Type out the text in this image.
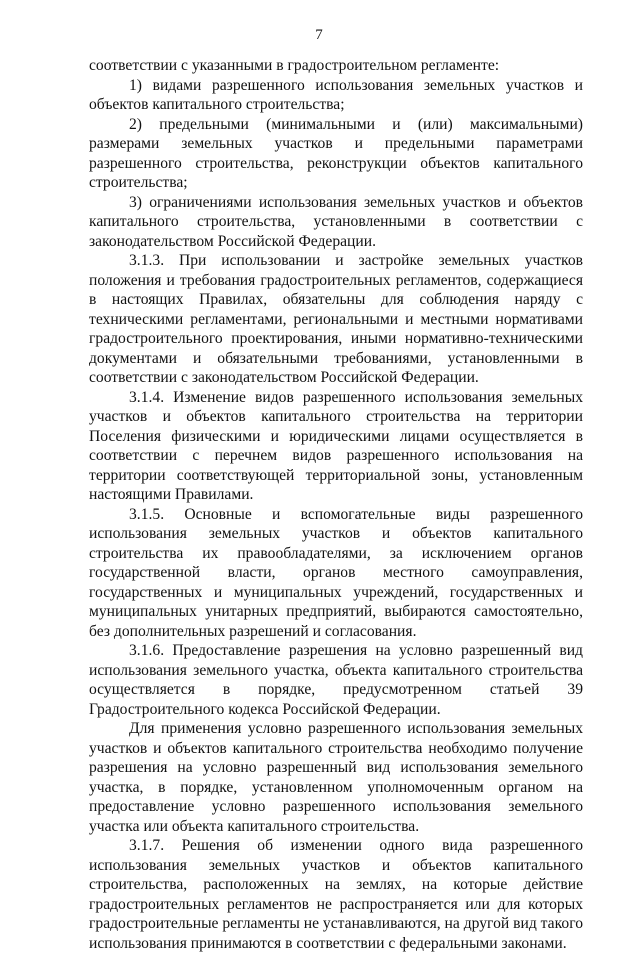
7

соответствии с указанными в градостроительном регламенте:

1) видами разрешенного использования земельных участков и объектов капитального строительства;

2) предельными (минимальными и (или) максимальными) размерами земельных участков и предельными параметрами разрешенного строительства, реконструкции объектов капитального строительства;

3) ограничениями использования земельных участков и объектов капитального строительства, установленными в соответствии с законодательством Российской Федерации.

3.1.3. При использовании и застройке земельных участков положения и требования градостроительных регламентов, содержащиеся в настоящих Правилах, обязательны для соблюдения наряду с техническими регламентами, региональными и местными нормативами градостроительного проектирования, иными нормативно-техническими документами и обязательными требованиями, установленными в соответствии с законодательством Российской Федерации.

3.1.4. Изменение видов разрешенного использования земельных участков и объектов капитального строительства на территории Поселения физическими и юридическими лицами осуществляется в соответствии с перечнем видов разрешенного использования на территории соответствующей территориальной зоны, установленным настоящими Правилами.

3.1.5. Основные и вспомогательные виды разрешенного использования земельных участков и объектов капитального строительства их правообладателями, за исключением органов государственной власти, органов местного самоуправления, государственных и муниципальных учреждений, государственных и муниципальных унитарных предприятий, выбираются самостоятельно, без дополнительных разрешений и согласования.

3.1.6. Предоставление разрешения на условно разрешенный вид использования земельного участка, объекта капитального строительства осуществляется в порядке, предусмотренном статьей 39 Градостроительного кодекса Российской Федерации.

Для применения условно разрешенного использования земельных участков и объектов капитального строительства необходимо получение разрешения на условно разрешенный вид использования земельного участка, в порядке, установленном уполномоченным органом на предоставление условно разрешенного использования земельного участка или объекта капитального строительства.

3.1.7. Решения об изменении одного вида разрешенного использования земельных участков и объектов капитального строительства, расположенных на землях, на которые действие градостроительных регламентов не распространяется или для которых градостроительные регламенты не устанавливаются, на другой вид такого использования принимаются в соответствии с федеральными законами.
